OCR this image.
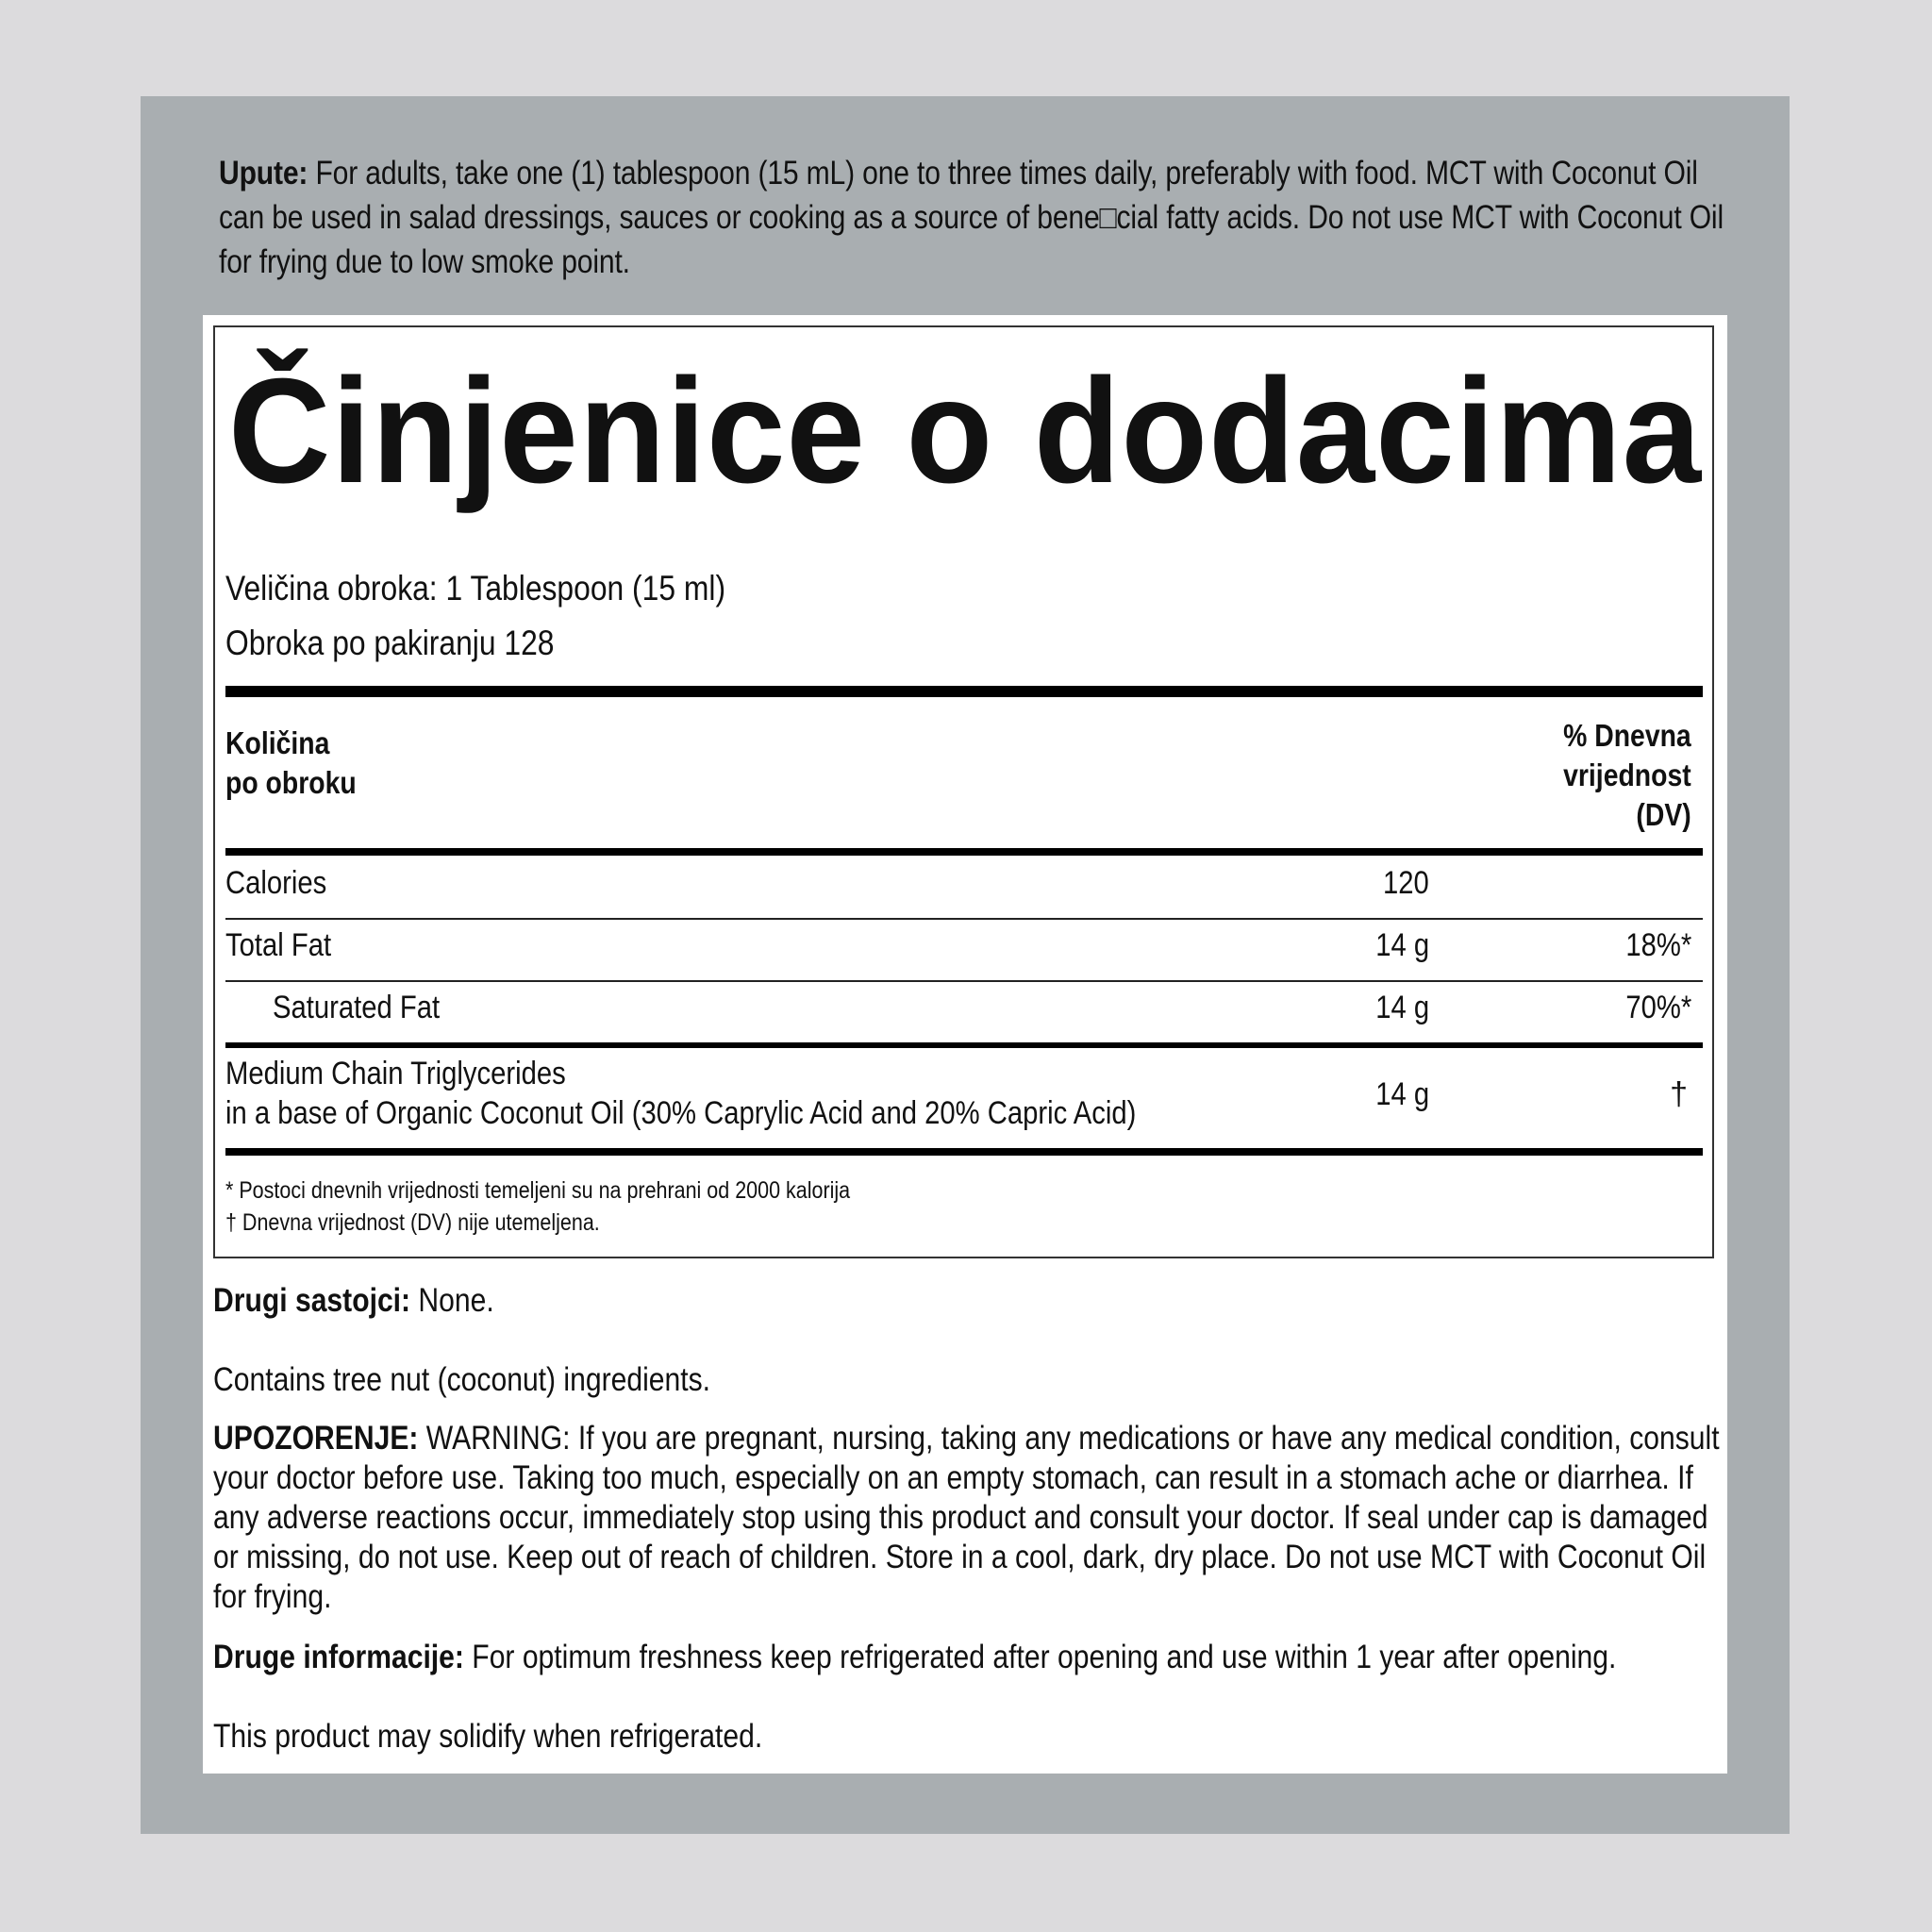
Upute: For adults, take one (1) tablespoon (15 mL) one to three times daily, preferably with food. MCT with Coconut Oil can be used in salad dressings, sauces or cooking as a source of bene□cial fatty acids. Do not use MCT with Coconut Oil for frying due to low smoke point.
Činjenice o dodacima
Veličina obroka: 1 Tablespoon (15 ml)
Obroka po pakiranju 128
Količina
po obroku
% Dnevna
vrijednost
(DV)
Calories	120
Total Fat	14 g	18%*
Saturated Fat	14 g	70%*
Medium Chain Triglycerides
in a base of Organic Coconut Oil (30% Caprylic Acid and 20% Capric Acid)
14 g	†
* Postoci dnevnih vrijednosti temeljeni su na prehrani od 2000 kalorija
† Dnevna vrijednost (DV) nije utemeljena.
Drugi sastojci: None.
Contains tree nut (coconut) ingredients.
UPOZORENJE: WARNING: If you are pregnant, nursing, taking any medications or have any medical condition, consult your doctor before use. Taking too much, especially on an empty stomach, can result in a stomach ache or diarrhea. If any adverse reactions occur, immediately stop using this product and consult your doctor. If seal under cap is damaged or missing, do not use. Keep out of reach of children. Store in a cool, dark, dry place. Do not use MCT with Coconut Oil for frying.
Druge informacije: For optimum freshness keep refrigerated after opening and use within 1 year after opening.
This product may solidify when refrigerated.
